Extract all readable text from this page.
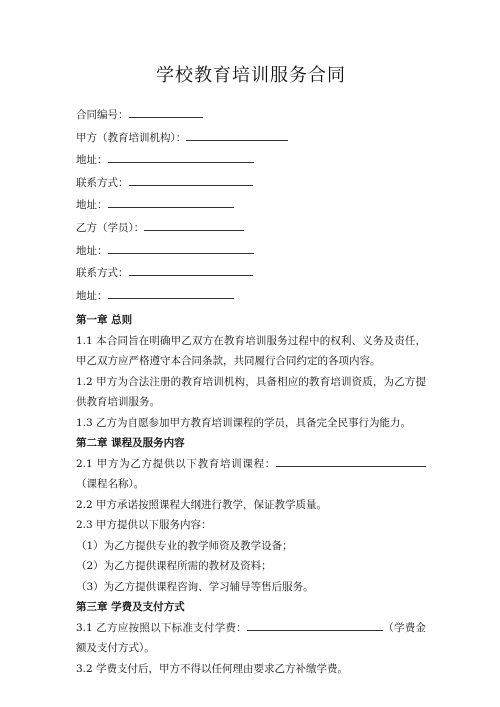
学校教育培训服务合同
合同编号：
甲方（教育培训机构）：
地址：
联系方式：
地址：
乙方（学员）：
地址：
联系方式：
地址：

第一章 总则

1.1 本合同旨在明确甲乙双方在教育培训服务过程中的权利、义务及责任，甲乙双方应严格遵守本合同条款，共同履行合同约定的各项内容。

1.2 甲方为合法注册的教育培训机构，具备相应的教育培训资质，为乙方提供教育培训服务。

1.3 乙方为自愿参加甲方教育培训课程的学员，具备完全民事行为能力。

第二章 课程及服务内容

2.1 甲方为乙方提供以下教育培训课程：（课程名称）。

2.2 甲方承诺按照课程大纲进行教学，保证教学质量。

2.3 甲方提供以下服务内容：

（1）为乙方提供专业的教学师资及教学设备；

（2）为乙方提供课程所需的教材及资料；

（3）为乙方提供课程咨询、学习辅导等售后服务。

第三章 学费及支付方式

3.1 乙方应按照以下标准支付学费：	（学费金额及支付方式）。

3.2 学费支付后，甲方不得以任何理由要求乙方补缴学费。
